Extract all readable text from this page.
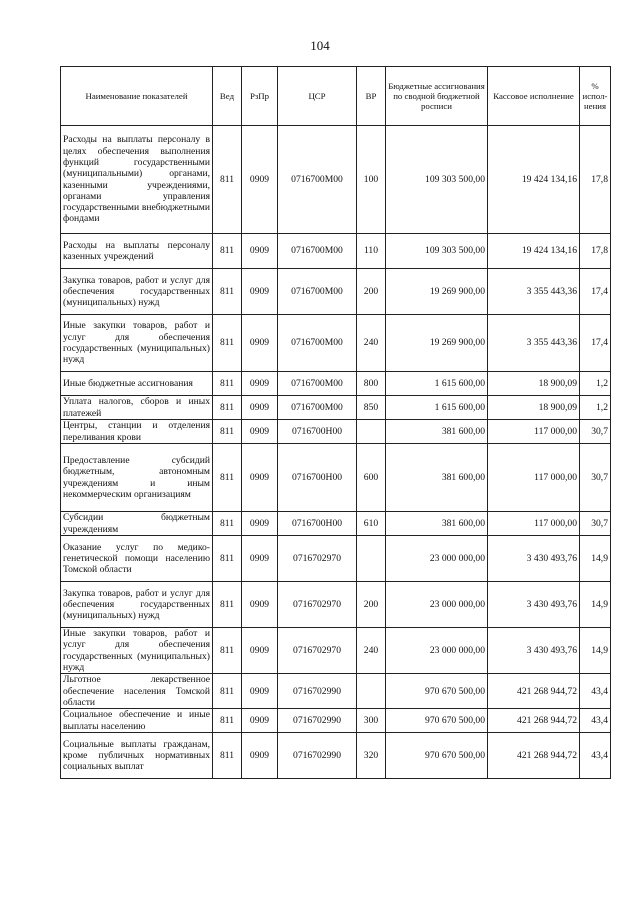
104
Наименование показателей	Вед	РзПр	ЦСР	ВР	Бюджетные ассигнования по сводной бюджетной росписи	Кассовое исполнение	% испол-нения
Расходы на выплаты персоналу в целях обеспечения выполнения функций государственными (муниципальными) органами, казенными учреждениями, органами управления государственными внебюджетными фондами	811	0909	0716700М00	100	109 303 500,00	19 424 134,16	17,8
Расходы на выплаты персоналу казенных учреждений	811	0909	0716700М00	110	109 303 500,00	19 424 134,16	17,8
Закупка товаров, работ и услуг для обеспечения государственных (муниципальных) нужд	811	0909	0716700М00	200	19 269 900,00	3 355 443,36	17,4
Иные закупки товаров, работ и услуг для обеспечения государственных (муниципальных) нужд	811	0909	0716700М00	240	19 269 900,00	3 355 443,36	17,4
Иные бюджетные ассигнования	811	0909	0716700М00	800	1 615 600,00	18 900,09	1,2
Уплата налогов, сборов и иных платежей	811	0909	0716700М00	850	1 615 600,00	18 900,09	1,2
Центры, станции и отделения переливания крови	811	0909	0716700Н00		381 600,00	117 000,00	30,7
Предоставление субсидий бюджетным, автономным учреждениям и иным некоммерческим организациям	811	0909	0716700Н00	600	381 600,00	117 000,00	30,7
Субсидии бюджетным учреждениям	811	0909	0716700Н00	610	381 600,00	117 000,00	30,7
Оказание услуг по медико-генетической помощи населению Томской области	811	0909	0716702970		23 000 000,00	3 430 493,76	14,9
Закупка товаров, работ и услуг для обеспечения государственных (муниципальных) нужд	811	0909	0716702970	200	23 000 000,00	3 430 493,76	14,9
Иные закупки товаров, работ и услуг для обеспечения государственных (муниципальных) нужд	811	0909	0716702970	240	23 000 000,00	3 430 493,76	14,9
Льготное лекарственное обеспечение населения Томской области	811	0909	0716702990		970 670 500,00	421 268 944,72	43,4
Социальное обеспечение и иные выплаты населению	811	0909	0716702990	300	970 670 500,00	421 268 944,72	43,4
Социальные выплаты гражданам, кроме публичных нормативных социальных выплат	811	0909	0716702990	320	970 670 500,00	421 268 944,72	43,4
